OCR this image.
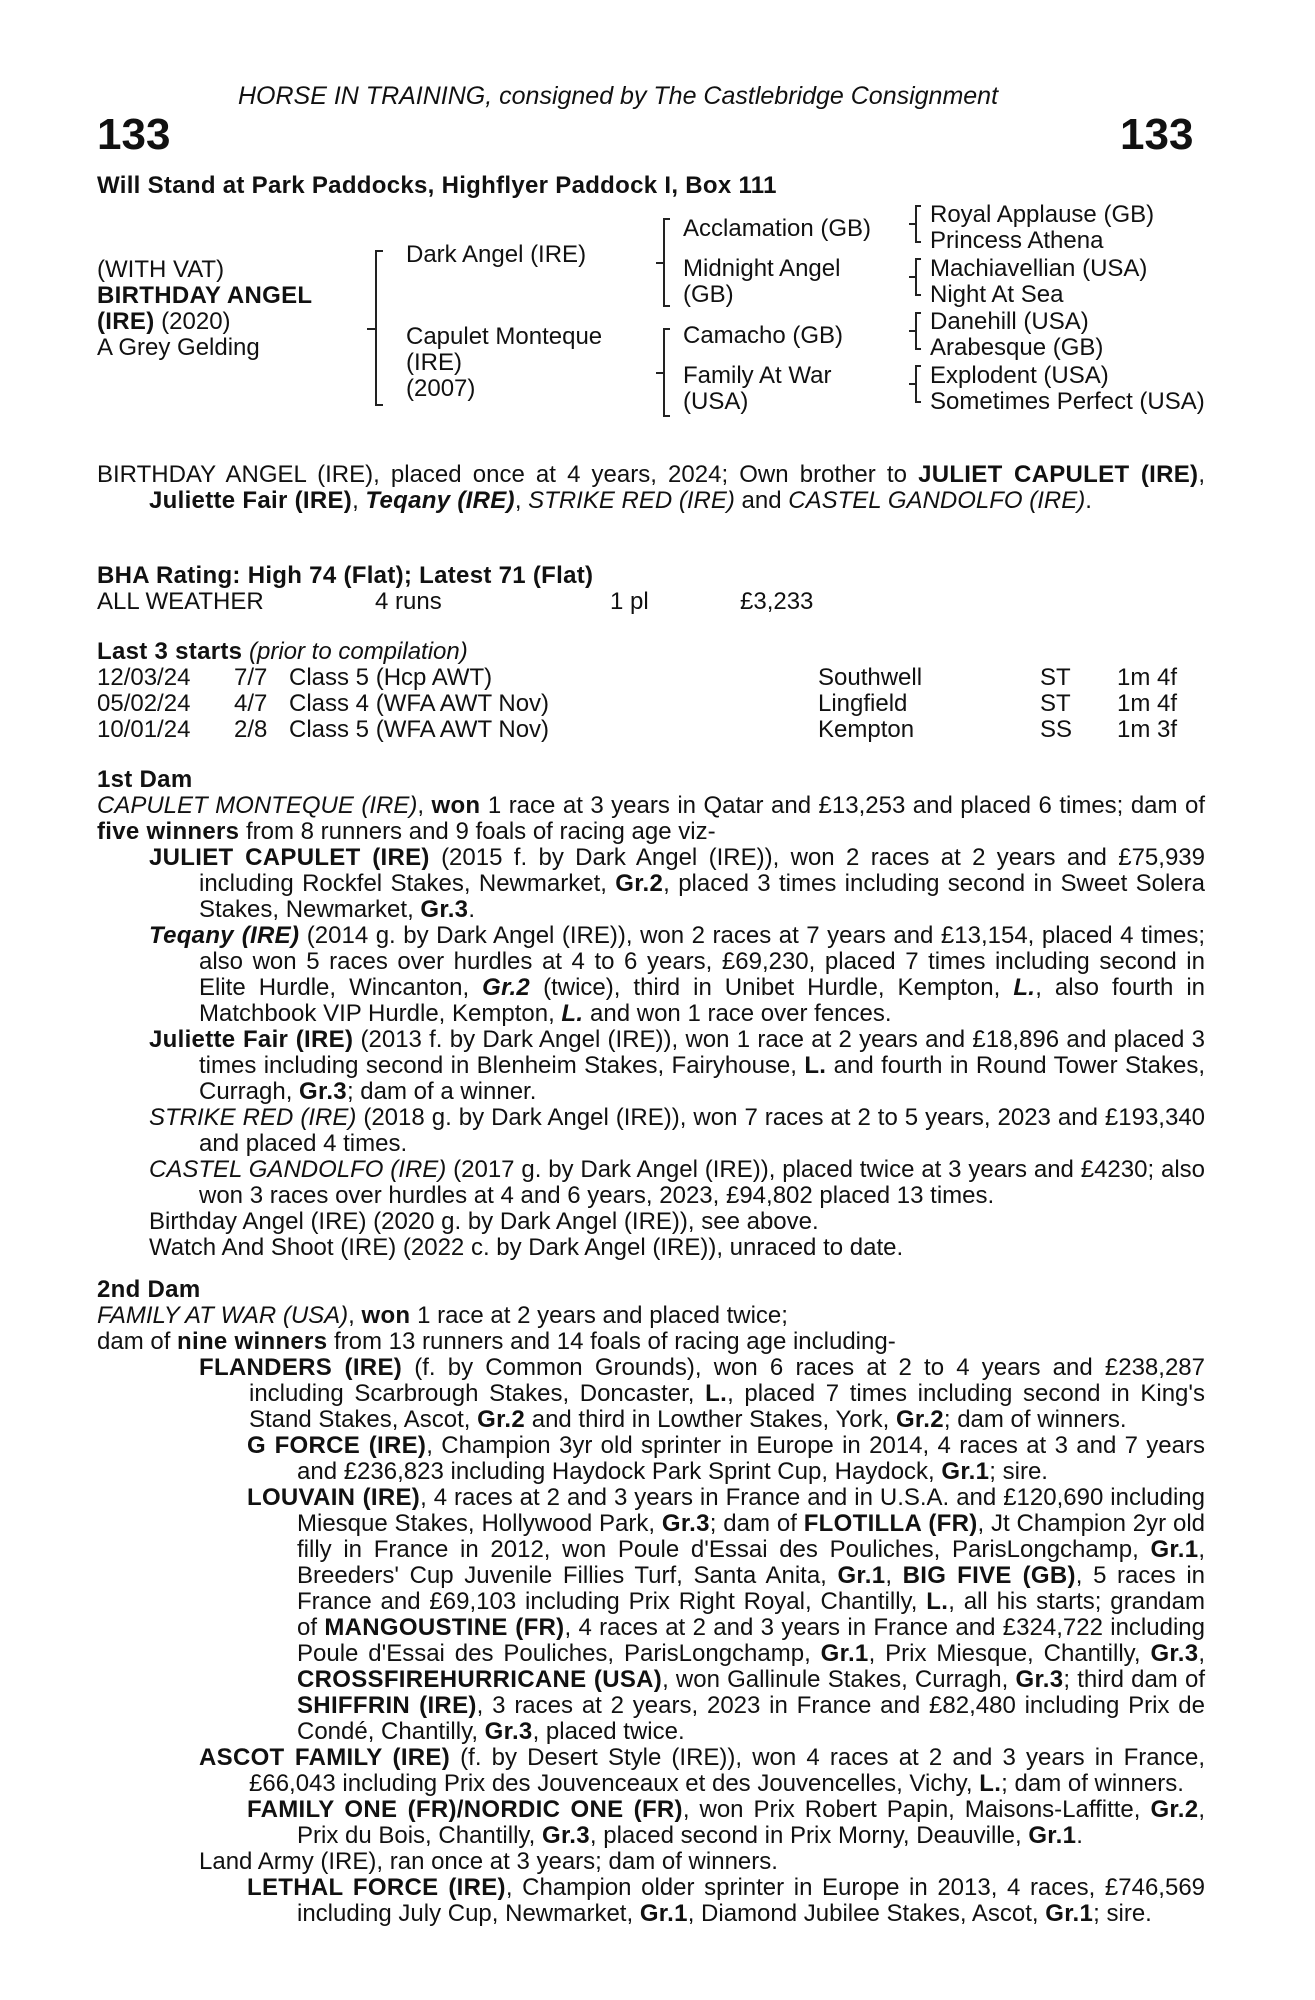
HORSE IN TRAINING, consigned by The Castlebridge Consignment
133	133
Will Stand at Park Paddocks, Highflyer Paddock I, Box 111
(WITH VAT)
BIRTHDAY ANGEL
(IRE) (2020)
A Grey Gelding
Dark Angel (IRE)
Capulet Monteque
(IRE)
(2007)
Acclamation (GB)
Midnight Angel
(GB)
Camacho (GB)
Family At War
(USA)
Royal Applause (GB)
Princess Athena
Machiavellian (USA)
Night At Sea
Danehill (USA)
Arabesque (GB)
Explodent (USA)
Sometimes Perfect (USA)

BIRTHDAY ANGEL (IRE), placed once at 4 years, 2024; Own brother to JULIET CAPULET (IRE), Juliette Fair (IRE), Teqany (IRE), STRIKE RED (IRE) and CASTEL GANDOLFO (IRE).

BHA Rating: High 74 (Flat); Latest 71 (Flat)
ALL WEATHER	4 runs	1 pl	£3,233
Last 3 starts (prior to compilation)
12/03/24 7/7 Class 5 (Hcp AWT)	Southwell	ST 1m 4f
05/02/24 4/7 Class 4 (WFA AWT Nov)	Lingfield	ST 1m 4f
10/01/24 2/8 Class 5 (WFA AWT Nov)	Kempton	SS 1m 3f
1st Dam

CAPULET MONTEQUE (IRE), won 1 race at 3 years in Qatar and £13,253 and placed 6 times; dam of five winners from 8 runners and 9 foals of racing age viz-

JULIET CAPULET (IRE) (2015 f. by Dark Angel (IRE)), won 2 races at 2 years and £75,939 including Rockfel Stakes, Newmarket, Gr.2, placed 3 times including second in Sweet Solera Stakes, Newmarket, Gr.3.

Teqany (IRE) (2014 g. by Dark Angel (IRE)), won 2 races at 7 years and £13,154, placed 4 times; also won 5 races over hurdles at 4 to 6 years, £69,230, placed 7 times including second in Elite Hurdle, Wincanton, Gr.2 (twice), third in Unibet Hurdle, Kempton, L., also fourth in Matchbook VIP Hurdle, Kempton, L. and won 1 race over fences.

Juliette Fair (IRE) (2013 f. by Dark Angel (IRE)), won 1 race at 2 years and £18,896 and placed 3 times including second in Blenheim Stakes, Fairyhouse, L. and fourth in Round Tower Stakes, Curragh, Gr.3; dam of a winner.

STRIKE RED (IRE) (2018 g. by Dark Angel (IRE)), won 7 races at 2 to 5 years, 2023 and £193,340 and placed 4 times.

CASTEL GANDOLFO (IRE) (2017 g. by Dark Angel (IRE)), placed twice at 3 years and £4230; also won 3 races over hurdles at 4 and 6 years, 2023, £94,802 placed 13 times.

Birthday Angel (IRE) (2020 g. by Dark Angel (IRE)), see above.

Watch And Shoot (IRE) (2022 c. by Dark Angel (IRE)), unraced to date.

2nd Dam

FAMILY AT WAR (USA), won 1 race at 2 years and placed twice;

dam of nine winners from 13 runners and 14 foals of racing age including-

FLANDERS (IRE) (f. by Common Grounds), won 6 races at 2 to 4 years and £238,287 including Scarbrough Stakes, Doncaster, L., placed 7 times including second in King's Stand Stakes, Ascot, Gr.2 and third in Lowther Stakes, York, Gr.2; dam of winners.

G FORCE (IRE), Champion 3yr old sprinter in Europe in 2014, 4 races at 3 and 7 years and £236,823 including Haydock Park Sprint Cup, Haydock, Gr.1; sire.

LOUVAIN (IRE), 4 races at 2 and 3 years in France and in U.S.A. and £120,690 including Miesque Stakes, Hollywood Park, Gr.3; dam of FLOTILLA (FR), Jt Champion 2yr old filly in France in 2012, won Poule d'Essai des Pouliches, ParisLongchamp, Gr.1, Breeders' Cup Juvenile Fillies Turf, Santa Anita, Gr.1, BIG FIVE (GB), 5 races in France and £69,103 including Prix Right Royal, Chantilly, L., all his starts; grandam of MANGOUSTINE (FR), 4 races at 2 and 3 years in France and £324,722 including Poule d'Essai des Pouliches, ParisLongchamp, Gr.1, Prix Miesque, Chantilly, Gr.3, CROSSFIREHURRICANE (USA), won Gallinule Stakes, Curragh, Gr.3; third dam of SHIFFRIN (IRE), 3 races at 2 years, 2023 in France and £82,480 including Prix de Condé, Chantilly, Gr.3, placed twice.

ASCOT FAMILY (IRE) (f. by Desert Style (IRE)), won 4 races at 2 and 3 years in France, £66,043 including Prix des Jouvenceaux et des Jouvencelles, Vichy, L.; dam of winners.

FAMILY ONE (FR)/NORDIC ONE (FR), won Prix Robert Papin, Maisons-Laffitte, Gr.2, Prix du Bois, Chantilly, Gr.3, placed second in Prix Morny, Deauville, Gr.1.

Land Army (IRE), ran once at 3 years; dam of winners.

LETHAL FORCE (IRE), Champion older sprinter in Europe in 2013, 4 races, £746,569 including July Cup, Newmarket, Gr.1, Diamond Jubilee Stakes, Ascot, Gr.1; sire.
